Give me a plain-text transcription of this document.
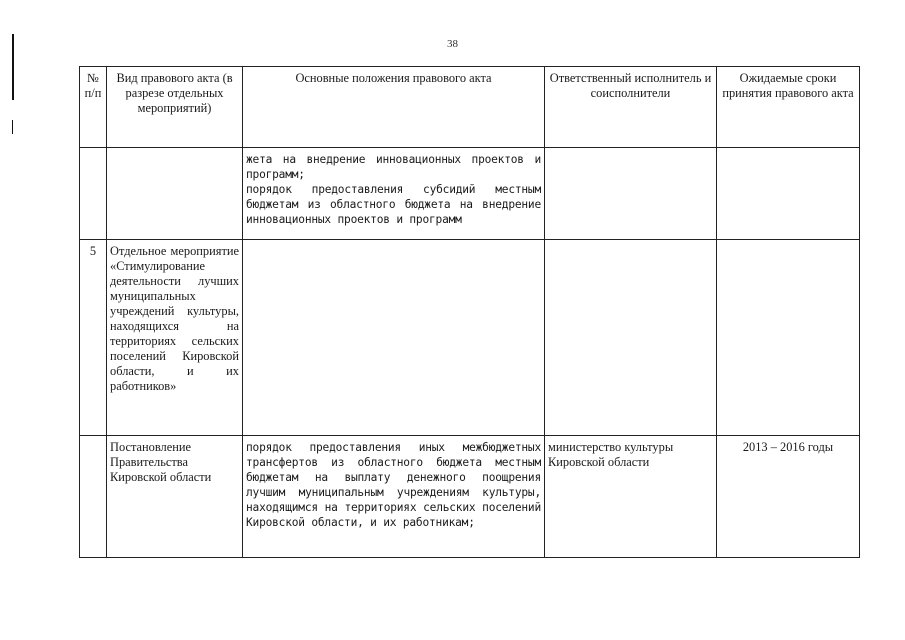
38
№ п/п	Вид правового акта (в разрезе отдельных мероприятий)	Основные положения правового акта	Ответственный исполнитель и соисполнители	Ожидаемые сроки принятия правового акта
		жета на внедрение инновационных проектов и программ;
порядок предоставления субсидий местным бюджетам из областного бюджета на внедрение инновационных проектов и программ		
5	Отдельное мероприятие «Стимулирование деятельности лучших муниципальных учреждений культуры, находящихся на территориях сельских поселений Кировской области, и их работников»			
	Постановление Правительства Кировской области	порядок предоставления иных межбюджетных трансфертов из областного бюджета местным бюджетам на выплату денежного поощрения лучшим муниципальным учреждениям культуры, находящимся на территориях сельских поселений Кировской области, и их работникам;	министерство культуры Кировской области	2013 – 2016 годы
